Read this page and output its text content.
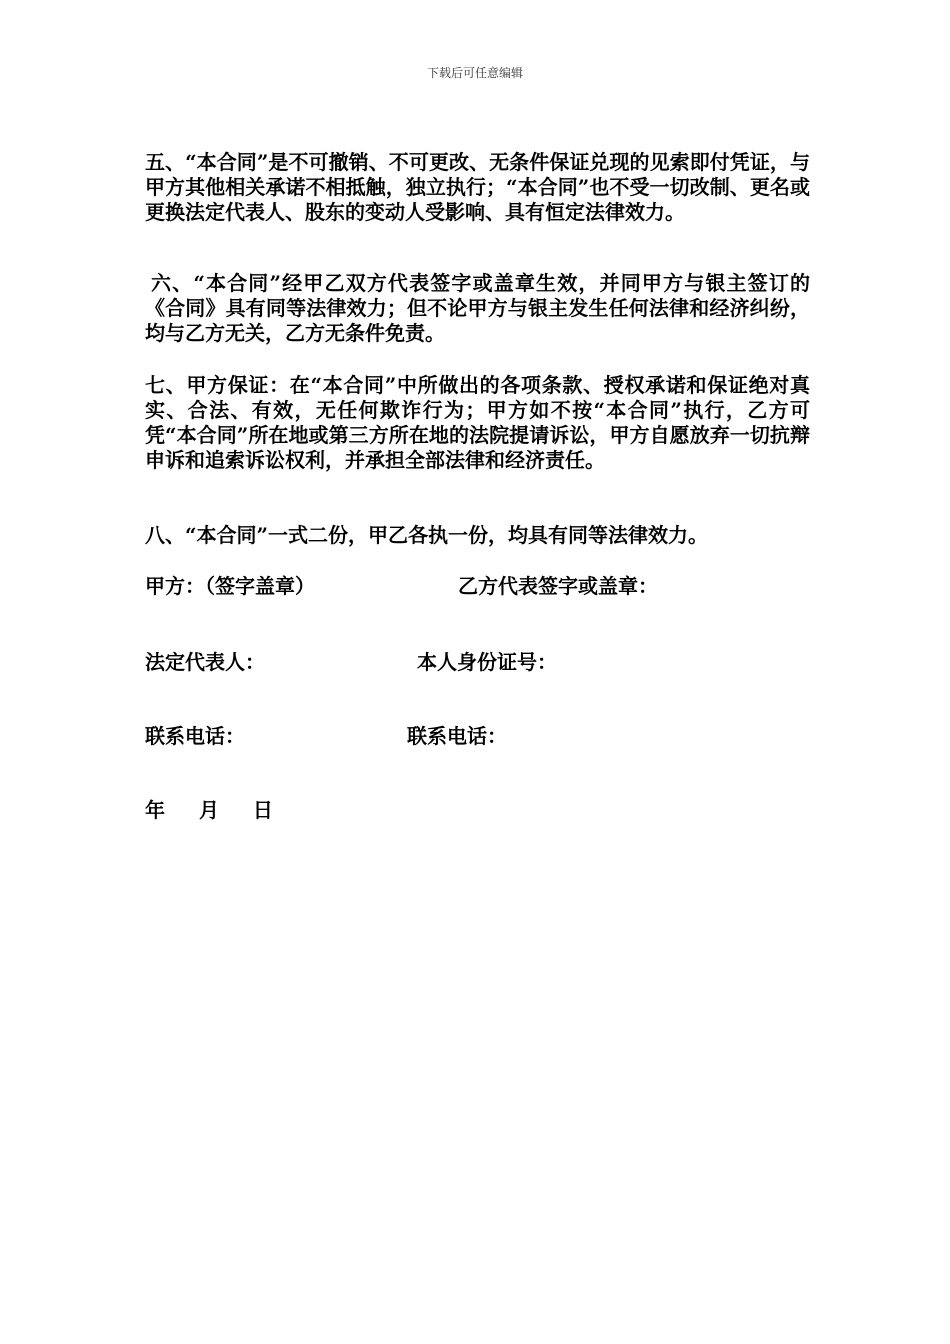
下载后可任意编辑

五、“本合同”是不可撤销、不可更改、无条件保证兑现的见索即付凭证，与甲方其他相关承诺不相抵触，独立执行；“本合同”也不受一切改制、更名或更换法定代表人、股东的变动人受影响、具有恒定法律效力。

六、“本合同”经甲乙双方代表签字或盖章生效，并同甲方与银主签订的《合同》具有同等法律效力；但不论甲方与银主发生任何法律和经济纠纷，均与乙方无关，乙方无条件免责。

七、甲方保证：在“本合同”中所做出的各项条款、授权承诺和保证绝对真实、合法、有效，无任何欺诈行为；甲方如不按“本合同”执行，乙方可凭“本合同”所在地或第三方所在地的法院提请诉讼，甲方自愿放弃一切抗辩申诉和追索诉讼权利，并承担全部法律和经济责任。

八、“本合同”一式二份，甲乙各执一份，均具有同等法律效力。

甲方：（签字盖章）	乙方代表签字或盖章：
法定代表人：	本人身份证号：
联系电话：	联系电话：
年 月 日
